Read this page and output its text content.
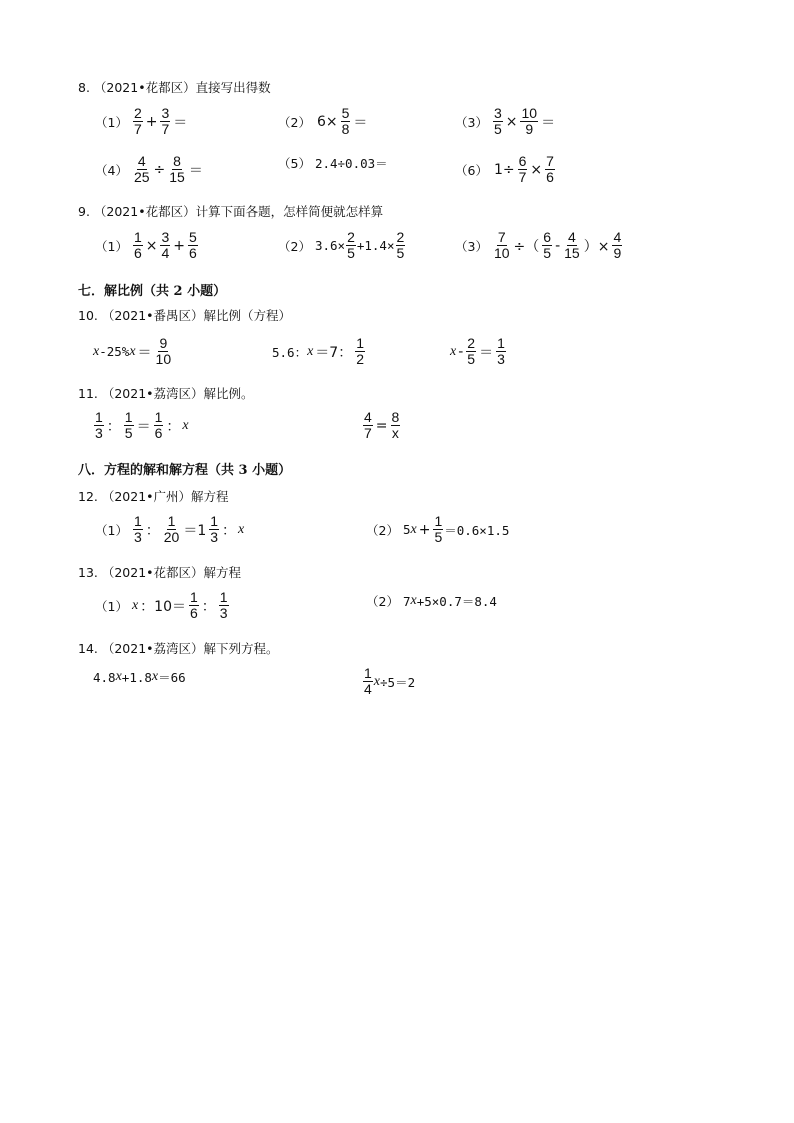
8. （2021•花都区）直接写出得数
$(1) \frac{2}{7} + \frac{3}{7}$ ＝	（2） $6\times \frac{5}{8}$ ＝	$(3) \frac{3}{5} \times \frac{10}{9}$ ＝
$(4) \frac{4}{25} \div \frac{8}{15}$ ＝	（5） 2.4÷0.03＝	（6） $1\div \frac{6}{7} \times \frac{7}{6}$
9. （2021•花都区）计算下面各题，怎样简便就怎样算
$(1) \frac{1}{6} \times \frac{3}{4} + \frac{5}{6}$	（2） $3.6\times \frac{2}{5} +1.4\times \frac{2}{5}$	$(3) \frac{7}{10}$ ÷（ $\frac{6}{5} - \frac{4}{15}$ ）× $\frac{4}{9}$
七．解比例（共 2 小题）
10. （2021•番禺区）解比例（方程）
x -25% $x = \frac{9}{10}$	5.6： x ＝7： $\frac{1}{2}$	$x - \frac{2}{5} = \frac{1}{3}$
11. （2021•荔湾区）解比例。
$\frac{1}{3}$ ： $\frac{1}{5} = \frac{1}{6}$ ： x	$\frac{4}{7} = \frac{8}{x}$
八．方程的解和解方程（共 3 小题）
12. （2021•广州）解方程
$(1) \frac{1}{3}$ ： $\frac{1}{20} =1 \frac{1}{3}$ ： x	（2） 5 $x + \frac{1}{5} =0.6\times 1.5$
13. （2021•花都区）解方程
（1） x ：$10= \frac{1}{6}$ ： $\frac{1}{3}$	（2） 7 x +5 ×0.7＝8.4
14. （2021•荔湾区）解下列方程。
4.8 x +1.8 x ＝66	$\frac{1}{4}$ x ÷5＝2
